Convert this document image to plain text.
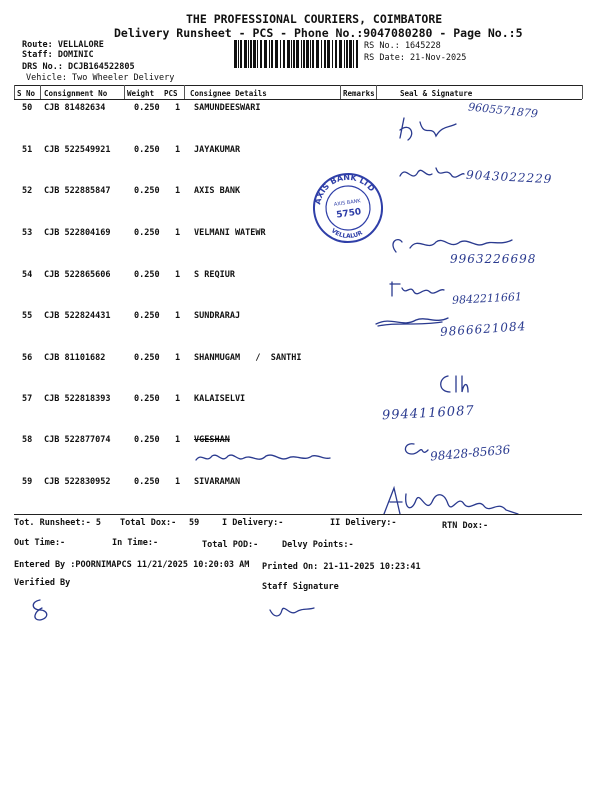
THE PROFESSIONAL COURIERS, COIMBATORE
Delivery Runsheet - PCS - Phone No.:9047080280 - Page No.:5
Route: VELLALORE
Staff: DOMINIC
DRS No.: DCJB164522805
Vehicle: Two Wheeler Delivery
RS No.: 1645228
RS Date: 21-Nov-2025
S No Consignment No	Weight PCS Consignee Details	Remarks	Seal & Signature
50 CJB 81482634	0.250 1 SAMUNDEESWARI
51 CJB 522549921	0.250 1 JAYAKUMAR
52 CJB 522885847	0.250 1 AXIS BANK
53 CJB 522804169	0.250 1 VELMANI WATEWR
54 CJB 522865606	0.250 1 S REQIUR
55 CJB 522824431	0.250 1 SUNDRARAJ
56 CJB 81101682	0.250 1 SHANMUGAM   /  SANTHI
57 CJB 522818393	0.250 1 KALAISELVI
58 CJB 522877074	0.250 1 VGESHAN
59 CJB 522830952	0.250 1 SIVARAMAN
9605571879
9043022229
9963226698
9842211661
9866621084
9944116087
98428-85636
AXIS BANK LTD
VELLALUR
AXIS BANK
5750
Tot. Runsheet:- 5 Total Dox:- 59	I Delivery:-	II Delivery:-	RTN Dox:-
Out Time:-	In Time:-	Total POD:-	Delvy Points:-
Entered By :POORNIMAPCS 11/21/2025 10:20:03 AM Printed On: 21-11-2025 10:23:41
Verified By	Staff Signature
